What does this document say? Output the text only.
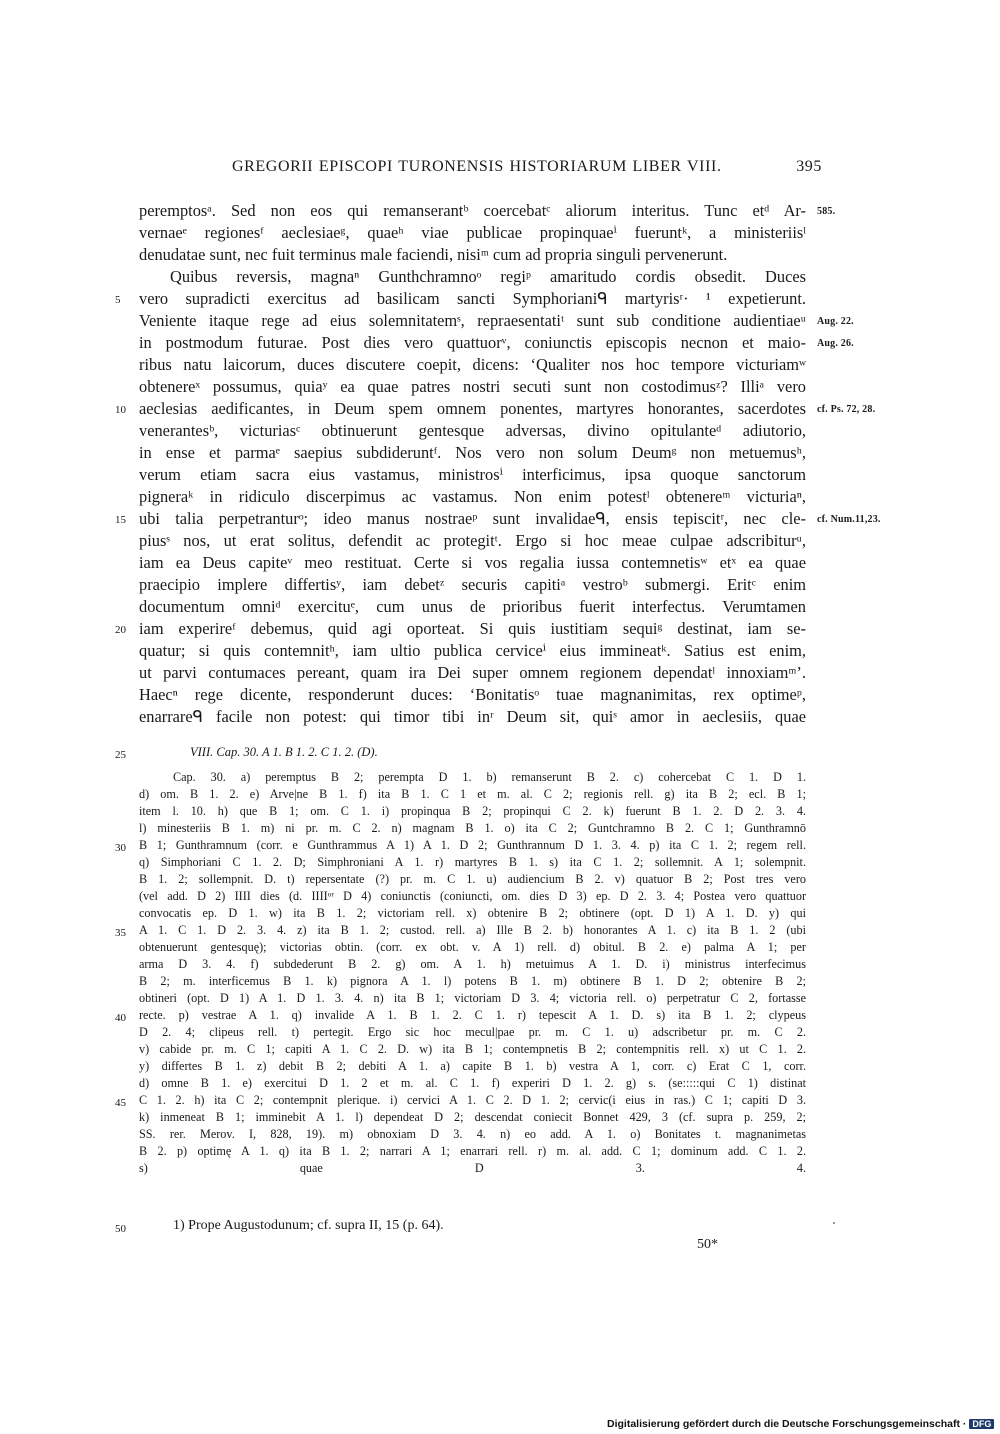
GREGORII EPISCOPI TURONENSIS HISTORIARUM LIBER VIII.	395
peremptosᵃ. Sed non eos qui remanserantᵇ coercebatᶜ aliorum interitus. Tunc etᵈ Ar-
vernaeᵉ regionesᶠ aeclesiaeᵍ, quaeʰ viae publicae propinquaeⁱ fueruntᵏ, a ministeriisˡ
denudatae sunt, nec fuit terminus male faciendi, nisiᵐ cum ad propria singuli pervenerunt.
Quibus reversis, magnaⁿ Gunthchramnoᵒ regiᵖ amaritudo cordis obsedit. Duces
vero supradicti exercitus ad basilicam sancti Symphorianiᑫ martyrisʳ· ¹ expetierunt.
Veniente itaque rege ad eius solemnitatemˢ, repraesentatiᵗ sunt sub conditione audientiaeᵘ
in postmodum futurae. Post dies vero quattuorᵛ, coniunctis episcopis necnon et maio-
ribus natu laicorum, duces discutere coepit, dicens: ʻQualiter nos hoc tempore victuriamʷ
obtenereˣ possumus, quiaʸ ea quae patres nostri secuti sunt non costodimusᶻ? Illiᵃ vero
aeclesias aedificantes, in Deum spem omnem ponentes, martyres honorantes, sacerdotes
venerantesᵇ, victuriasᶜ obtinuerunt gentesque adversas, divino opitulanteᵈ adiutorio,
in ense et parmaᵉ saepius subdideruntᶠ. Nos vero non solum Deumᵍ non metuemusʰ,
verum etiam sacra eius vastamus, ministrosⁱ interficimus, ipsa quoque sanctorum
pigneraᵏ in ridiculo discerpimus ac vastamus. Non enim potestˡ obtenereᵐ victuriaⁿ,
ubi talia perpetranturᵒ; ideo manus nostraeᵖ sunt invalidaeᑫ, ensis tepiscitʳ, nec cle-
piusˢ nos, ut erat solitus, defendit ac protegitᵗ. Ergo si hoc meae culpae adscribiturᵘ,
iam ea Deus capiteᵛ meo restituat. Certe si vos regalia iussa contemnetisʷ etˣ ea quae
praecipio implere differtisʸ, iam debetᶻ securis capitiᵃ vestroᵇ submergi. Eritᶜ enim
documentum omniᵈ exercituᵉ, cum unus de prioribus fuerit interfectus. Verumtamen
iam experireᶠ debemus, quid agi oporteat. Si quis iustitiam sequiᵍ destinat, iam se-
quatur; si quis contemnitʰ, iam ultio publica cerviceⁱ eius immineatᵏ. Satius est enim,
ut parvi contumaces pereant, quam ira Dei super omnem regionem dependatˡ innoxiamᵐ’.
Haecⁿ rege dicente, responderunt duces: ʻBonitatisᵒ tuae magnanimitas, rex optimeᵖ,
enarrareᑫ facile non potest: qui timor tibi inʳ Deum sit, quiˢ amor in aeclesiis, quae
5
10
15
20
585.
Aug. 22.
Aug. 26.
cf. Ps. 72, 28.
cf. Num.11,23.
25	VIII. Cap. 30. A 1. B 1. 2. C 1. 2. (D).
Cap. 30. a) peremptus B 2; perempta D 1. b) remanserunt B 2. c) cohercebat C 1. D 1.
d) om. B 1. 2. e) Arve|ne B 1. f) ita B 1. C 1 et m. al. C 2; regionis rell. g) ita B 2; ecl. B 1;
item l. 10. h) que B 1; om. C 1. i) propinqua B 2; propinqui C 2. k) fuerunt B 1. 2. D 2. 3. 4.
l) minesteriis B 1. m) ni pr. m. C 2. n) magnam B 1. o) ita C 2; Guntchramno B 2. C 1; Gunthramnō
B 1; Gunthramnum (corr. e Gunthrammus A 1) A 1. D 2; Gunthrannum D 1. 3. 4. p) ita C 1. 2; regem rell.
q) Simphoriani C 1. 2. D; Simphroniani A 1. r) martyres B 1. s) ita C 1. 2; sollemnit. A 1; solempnit.
B 1. 2; sollempnit. D. t) repersentate (?) pr. m. C 1. u) audiencium B 2. v) quatuor B 2; Post tres vero
(vel add. D 2) IIII dies (d. IIIIᵒʳ D 4) coniunctis (coniuncti, om. dies D 3) ep. D 2. 3. 4; Postea vero quattuor
convocatis ep. D 1. w) ita B 1. 2; victoriam rell. x) obtenire B 2; obtinere (opt. D 1) A 1. D. y) qui
A 1. C 1. D 2. 3. 4. z) ita B 1. 2; custod. rell. a) Ille B 2. b) honorantes A 1. c) ita B 1. 2 (ubi
obtenuerunt gentesquę); victorias obtin. (corr. ex obt. v. A 1) rell. d) obitul. B 2. e) palma A 1; per
arma D 3. 4. f) subdederunt B 2. g) om. A 1. h) metuimus A 1. D. i) ministrus interfecimus
B 2; m. interficemus B 1. k) pignora A 1. l) potens B 1. m) obtinere B 1. D 2; obtenire B 2;
obtineri (opt. D 1) A 1. D 1. 3. 4. n) ita B 1; victoriam D 3. 4; victoria rell. o) perpetratur C 2, fortasse
recte. p) vestrae A 1. q) invalide A 1. B 1. 2. C 1. r) tepescit A 1. D. s) ita B 1. 2; clypeus
D 2. 4; clipeus rell. t) pertegit. Ergo sic hoc mecul|pae pr. m. C 1. u) adscribetur pr. m. C 2.
v) cabide pr. m. C 1; capiti A 1. C 2. D. w) ita B 1; contempnetis B 2; contempnitis rell. x) ut C 1. 2.
y) differtes B 1. z) debit B 2; debiti A 1. a) capite B 1. b) vestra A 1, corr. c) Erat C 1, corr.
d) omne B 1. e) exercitui D 1. 2 et m. al. C 1. f) experiri D 1. 2. g) s. (se:::::qui C 1) distinat
C 1. 2. h) ita C 2; contempnit plerique. i) cervici A 1. C 2. D 1. 2; cervic(i eius in ras.) C 1; capiti D 3.
k) inmeneat B 1; imminebit A 1. l) dependeat D 2; descendat coniecit Bonnet 429, 3 (cf. supra p. 259, 2;
SS. rer. Merov. I, 828, 19). m) obnoxiam D 3. 4. n) eo add. A 1. o) Bonitates t. magnanimetas
B 2. p) optimę A 1. q) ita B 1. 2; narrari A 1; enarrari rell. r) m. al. add. C 1; dominum add. C 1. 2.
s) quae D 3. 4.
30
35
40
45
50	1) Prope Augustodunum; cf. supra II, 15 (p. 64).
50*
Digitalisierung gefördert durch die Deutsche Forschungsgemeinschaft · DFG
